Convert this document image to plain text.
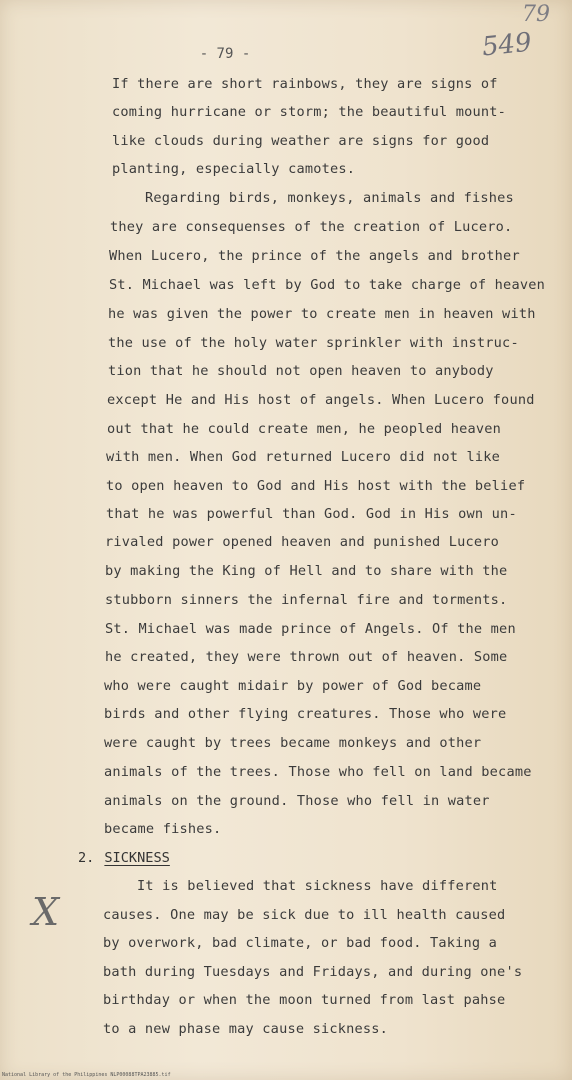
79
549
- 79 -
If there are short rainbows, they are signs of
coming hurricane or storm; the beautiful mount-
like clouds during weather are signs for good
planting, especially camotes.
Regarding birds, monkeys, animals and fishes
they are consequenses of the creation of Lucero.
When Lucero, the prince of the angels and brother
St. Michael was left by God to take charge of heaven
he was given the power to create men in heaven with
the use of the holy water sprinkler with instruc-
tion that he should not open heaven to anybody
except He and His host of angels. When Lucero found
out that he could create men, he peopled heaven
with men. When God returned Lucero did not like
to open heaven to God and His host with the belief
that he was powerful than God. God in His own un-
rivaled power opened heaven and punished Lucero
by making the King of Hell and to share with the
stubborn sinners the infernal fire and torments.
St. Michael was made prince of Angels. Of the men
he created, they were thrown out of heaven. Some
who were caught midair by power of God became
birds and other flying creatures. Those who were
were caught by trees became monkeys and other
animals of the trees. Those who fell on land became
animals on the ground. Those who fell in water
became fishes.
2. SICKNESS
X
It is believed that sickness have different
causes. One may be sick due to ill health caused
by overwork, bad climate, or bad food. Taking a
bath during Tuesdays and Fridays, and during one's
birthday or when the moon turned from last pahse
to a new phase may cause sickness.
National Library of the Philippines NLP00088TPA23885.tif
